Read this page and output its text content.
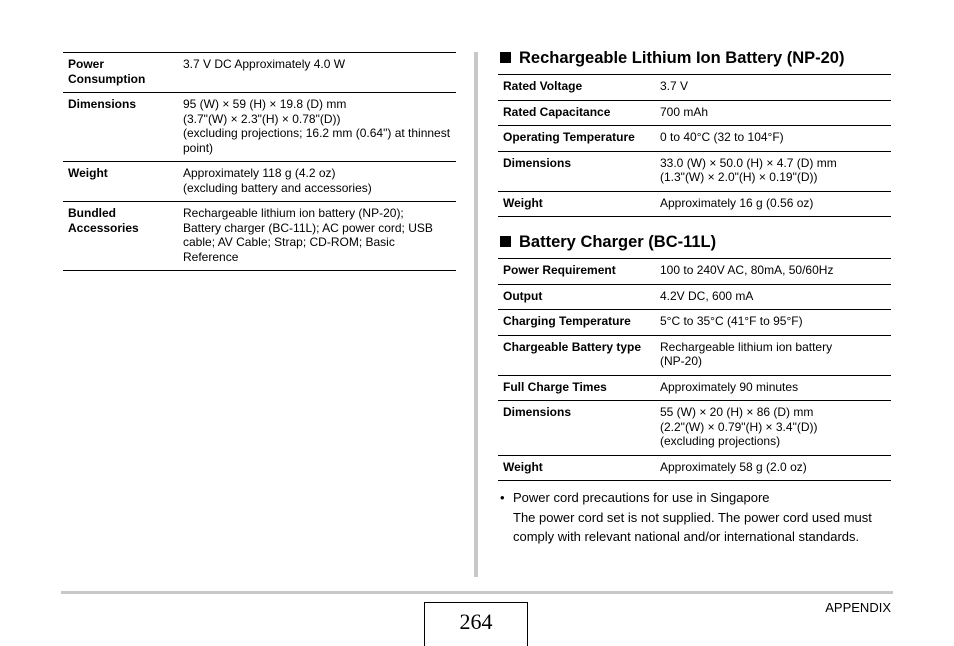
Power Consumption	3.7 V DC Approximately 4.0 W
Dimensions	95 (W) × 59 (H) × 19.8 (D) mm
(3.7"(W) × 2.3"(H) × 0.78"(D))
(excluding projections; 16.2 mm (0.64") at thinnest point)
Weight	Approximately 118 g (4.2 oz)
(excluding battery and accessories)
Bundled Accessories	Rechargeable lithium ion battery (NP-20);
Battery charger (BC-11L); AC power cord; USB cable; AV Cable; Strap; CD-ROM; Basic Reference
Rechargeable Lithium Ion Battery (NP-20)
Rated Voltage	3.7 V
Rated Capacitance	700 mAh
Operating Temperature	0 to 40°C (32 to 104°F)
Dimensions	33.0 (W) × 50.0 (H) × 4.7 (D) mm
(1.3"(W) × 2.0"(H) × 0.19"(D))
Weight	Approximately 16 g (0.56 oz)
Battery Charger (BC-11L)
Power Requirement	100 to 240V AC, 80mA, 50/60Hz
Output	4.2V DC, 600 mA
Charging Temperature	5°C to 35°C (41°F to 95°F)
Chargeable Battery type	Rechargeable lithium ion battery
(NP-20)
Full Charge Times	Approximately 90 minutes
Dimensions	55 (W) × 20 (H) × 86 (D) mm
(2.2"(W) × 0.79"(H) × 3.4"(D))
(excluding projections)
Weight	Approximately 58 g (2.0 oz)
• Power cord precautions for use in Singapore
The power cord set is not supplied. The power cord used must comply with relevant national and/or international standards.
264
APPENDIX
